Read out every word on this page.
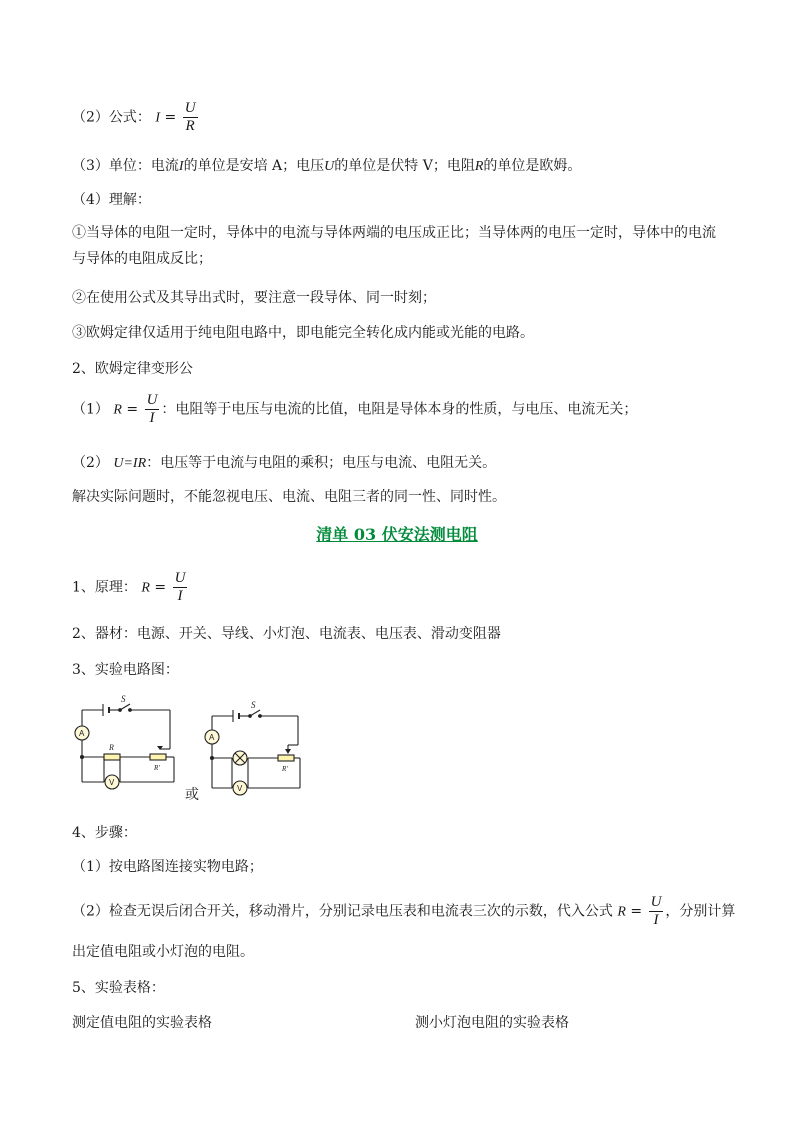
（2）公式： $I = \frac{U}{R}$
（3）单位：电流I的单位是安培 A；电压U的单位是伏特 V；电阻R的单位是欧姆。
（4）理解：
①当导体的电阻一定时，导体中的电流与导体两端的电压成正比；当导体两的电压一定时，导体中的电流与导体的电阻成反比；
②在使用公式及其导出式时，要注意一段导体、同一时刻；
③欧姆定律仅适用于纯电阻电路中，即电能完全转化成内能或光能的电路。
2、欧姆定律变形公
（1） $R = \frac{U}{I}$ ：电阻等于电压与电流的比值，电阻是导体本身的性质，与电压、电流无关；
（2） U=IR：电压等于电流与电阻的乘积；电压与电流、电阻无关。
解决实际问题时，不能忽视电压、电流、电阻三者的同一性、同时性。
清单 03 伏安法测电阻
1、原理： $R = \frac{U}{I}$
2、器材：电源、开关、导线、小灯泡、电流表、电压表、滑动变阻器
3、实验电路图：
S
A
R
R'
V
或
S
A
R'
V
4、步骤：
（1）按电路图连接实物电路；
（2）检查无误后闭合开关，移动滑片，分别记录电压表和电流表三次的示数，代入公式 $R = \frac{U}{I}$ ，分别计算
出定值电阻或小灯泡的电阻。
5、实验表格：
测定值电阻的实验表格	测小灯泡电阻的实验表格
